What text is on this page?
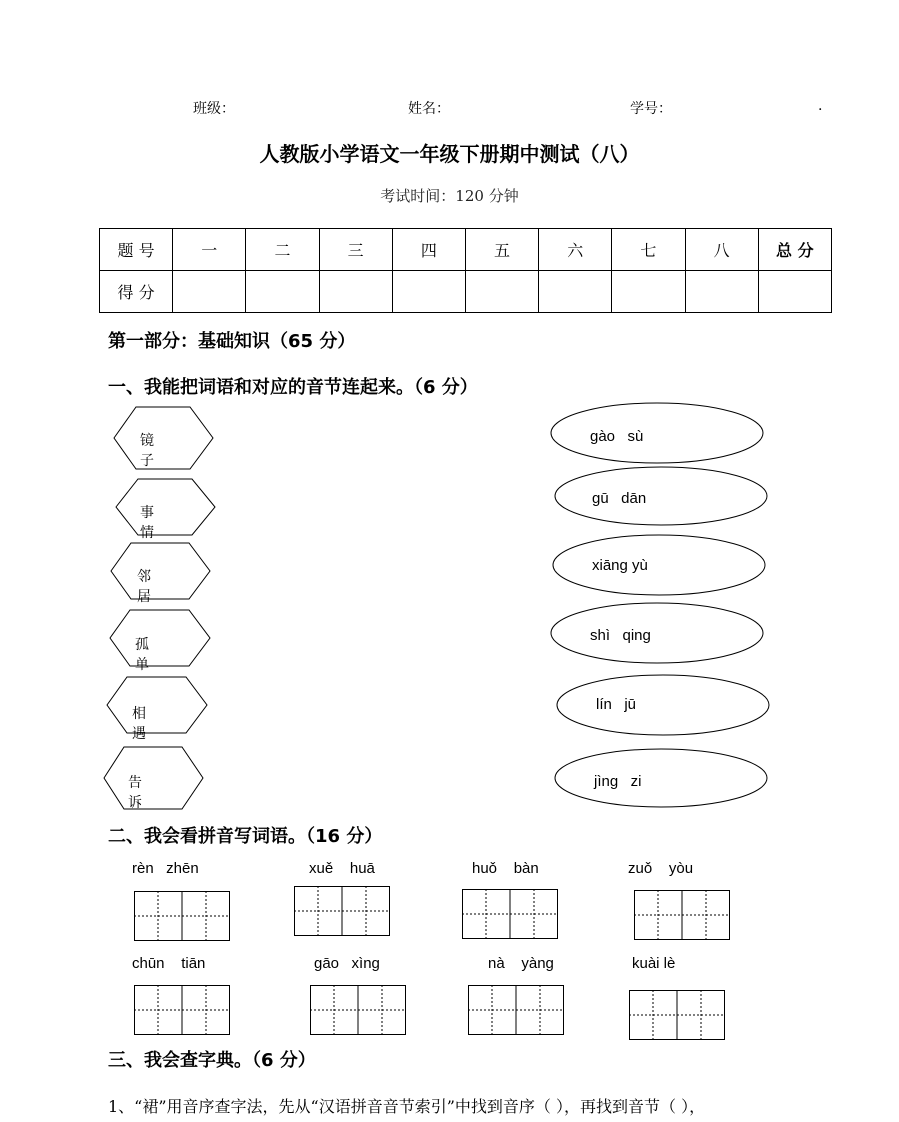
班级：	姓名：	学号：	.
人教版小学语文一年级下册期中测试（八）
考试时间：120 分钟
题 号	一	二	三	四	五	六	七	八	总 分
得 分									
第一部分：基础知识（65 分）
一、我能把词语和对应的音节连起来。（6 分）
镜子
事情
邻居
孤单
相遇
告诉
gào   sù
gū   dān
xiāng yù
shì   qing
lín   jū
jìng   zi
二、我会看拼音写词语。（16 分）
rèn   zhēn	xuě    huā	huǒ    bàn	zuǒ    yòu
chūn    tiān	gāo   xìng	nà    yàng	kuài lè
三、我会查字典。（6 分）
1、“裙”用音序查字法，先从“汉语拼音音节索引”中找到音序（ ），再找到音节（ ），
